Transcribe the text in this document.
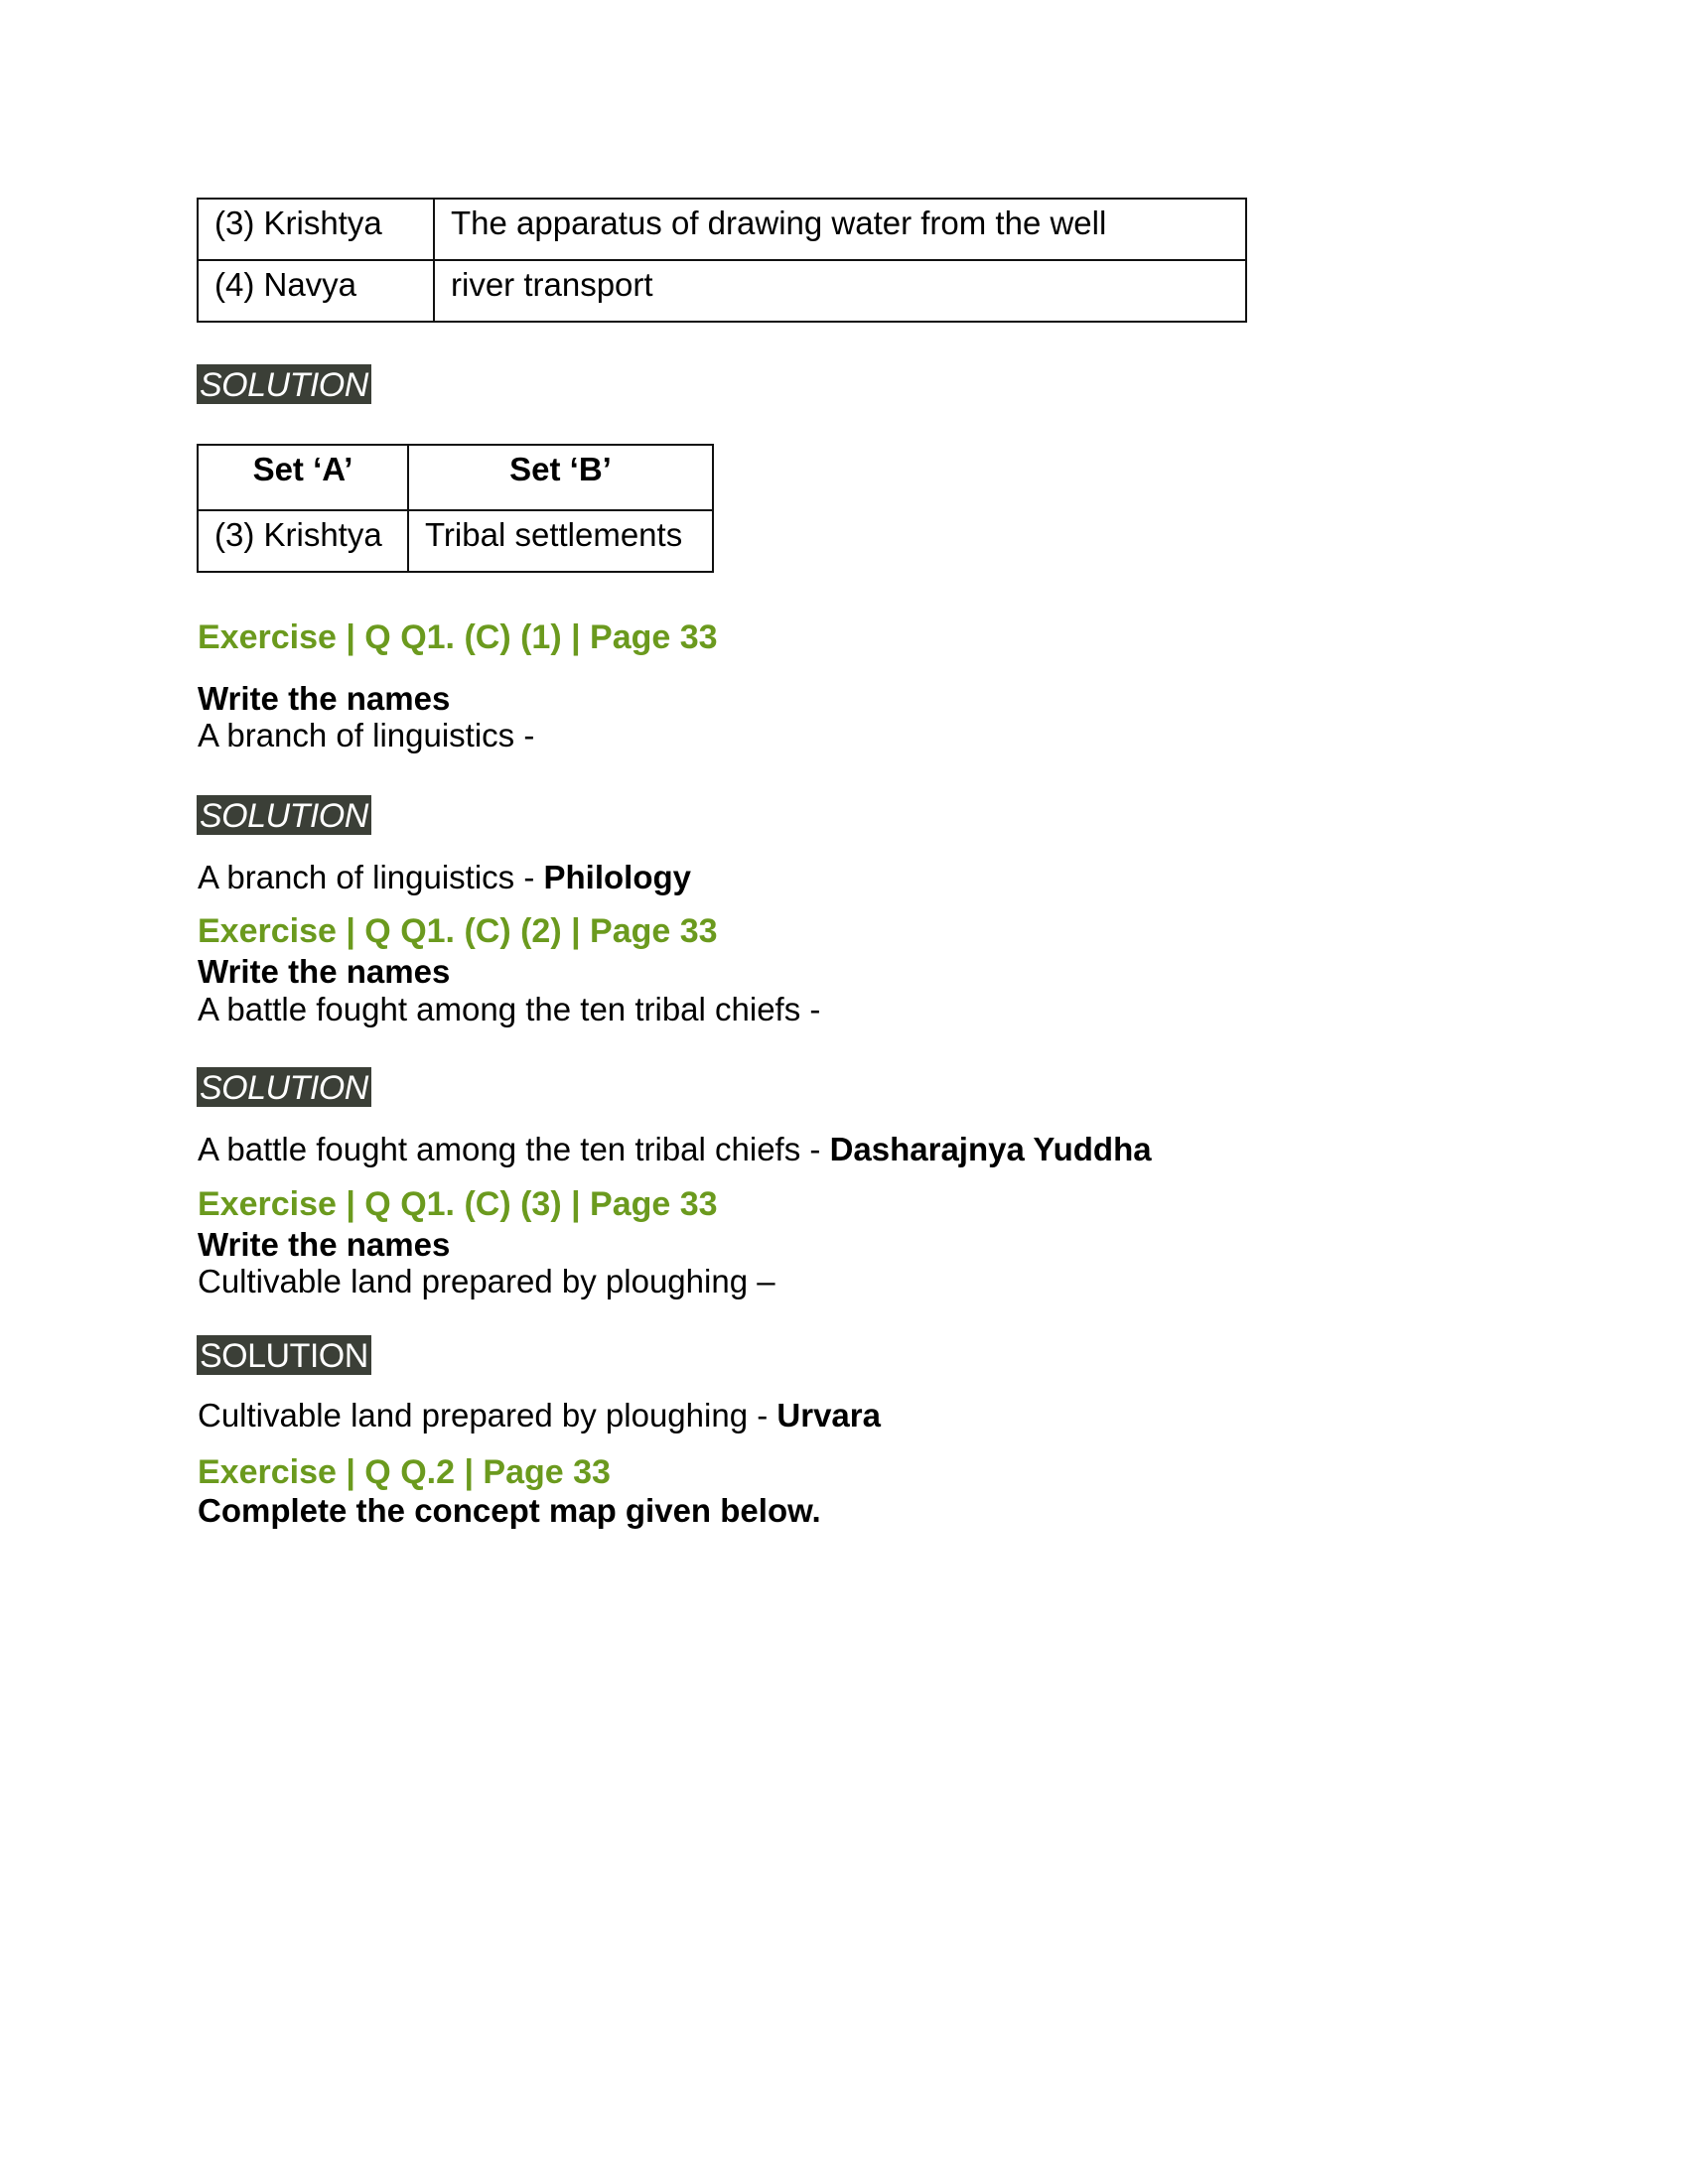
(3) Krishtya	The apparatus of drawing water from the well
(4) Navya	river transport
SOLUTION
Set ‘A’	Set ‘B’
(3) Krishtya	Tribal settlements
Exercise | Q Q1. (C) (1) | Page 33
Write the names
A branch of linguistics -
SOLUTION
A branch of linguistics - Philology
Exercise | Q Q1. (C) (2) | Page 33
Write the names
A battle fought among the ten tribal chiefs -
SOLUTION
A battle fought among the ten tribal chiefs - Dasharajnya Yuddha
Exercise | Q Q1. (C) (3) | Page 33
Write the names
Cultivable land prepared by ploughing –
SOLUTION
Cultivable land prepared by ploughing - Urvara
Exercise | Q Q.2 | Page 33
Complete the concept map given below.
